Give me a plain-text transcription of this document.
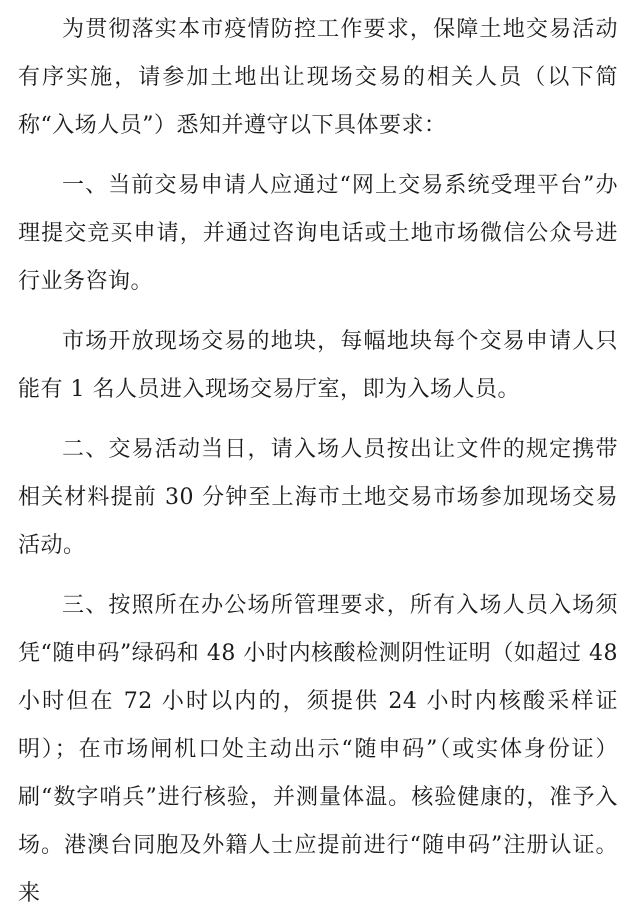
为贯彻落实本市疫情防控工作要求，保障土地交易活动有序实施，请参加土地出让现场交易的相关人员（以下简称“入场人员”）悉知并遵守以下具体要求：

一、当前交易申请人应通过“网上交易系统受理平台”办理提交竞买申请，并通过咨询电话或土地市场微信公众号进行业务咨询。

市场开放现场交易的地块，每幅地块每个交易申请人只能有 1 名人员进入现场交易厅室，即为入场人员。

二、交易活动当日，请入场人员按出让文件的规定携带相关材料提前 30 分钟至上海市土地交易市场参加现场交易活动。

三、按照所在办公场所管理要求，所有入场人员入场须凭“随申码”绿码和 48 小时内核酸检测阴性证明（如超过 48 小时但在 72 小时以内的，须提供 24 小时内核酸采样证明）；在市场闸机口处主动出示“随申码”（或实体身份证）刷“数字哨兵”进行核验，并测量体温。核验健康的，准予入场。港澳台同胞及外籍人士应提前进行“随申码”注册认证。来
